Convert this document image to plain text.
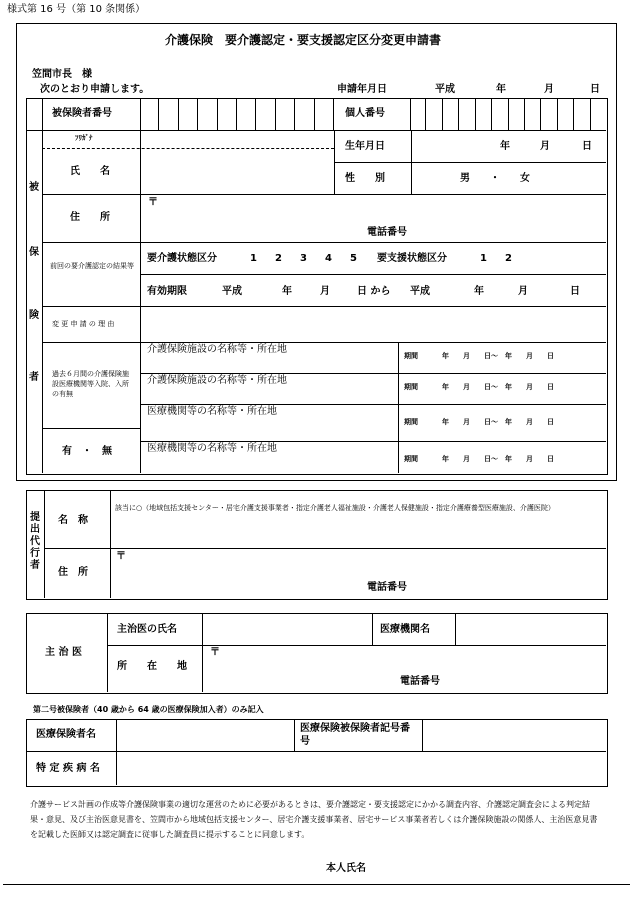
様式第 16 号（第 10 条関係）
介護保険　要介護認定・要支援認定区分変更申請書
笠間市長　様
次のとおり申請します。	申請年月日	平成	年	月	日
被
保
険
者
被保険者番号	個人番号
ﾌﾘｶﾞﾅ
氏　　名
生年月日	年	月	日
性　　別	男　　・　　女
住　　所
〒
電話番号
前回の要介護認定の結果等
要介護状態区分	1 2 3 4 5 要支援状態区分	1 2
有効期限	平成	年	月	日 から 平成	年	月	日
変 更 申 請 の 理 由
過去６月間の介護保険施設医療機関等入院、入所の有無
有　・　無
介護保険施設の名称等・所在地
期間	年　　月　　日～　年　　月　　日
介護保険施設の名称等・所在地
期間	年　　月　　日～　年　　月　　日
医療機関等の名称等・所在地
期間	年　　月　　日～　年　　月　　日
医療機関等の名称等・所在地
期間	年　　月　　日～　年　　月　　日
提
出
代
行
者
名　称
該当に○（地域包括支援センター・居宅介護支援事業者・指定介護老人福祉施設・介護老人保健施設・指定介護療養型医療施設、介護医院）
住　所
〒
電話番号
主 治 医
主治医の氏名	医療機関名
所　　在　　地
〒
電話番号
第二号被保険者（40 歳から 64 歳の医療保険加入者）のみ記入
医療保険者名
医療保険被保険者記号番号
特 定 疾 病 名
介護サービス計画の作成等介護保険事業の適切な運営のために必要があるときは、要介護認定・要支援認定にかかる調査内容、介護認定調査会による判定結果・意見、及び主治医意見書を、笠間市から地域包括支援センター、居宅介護支援事業者、居宅サービス事業者若しくは介護保険施設の関係人、主治医意見書を記載した医師又は認定調査に従事した調査員に提示することに同意します。
本人氏名
